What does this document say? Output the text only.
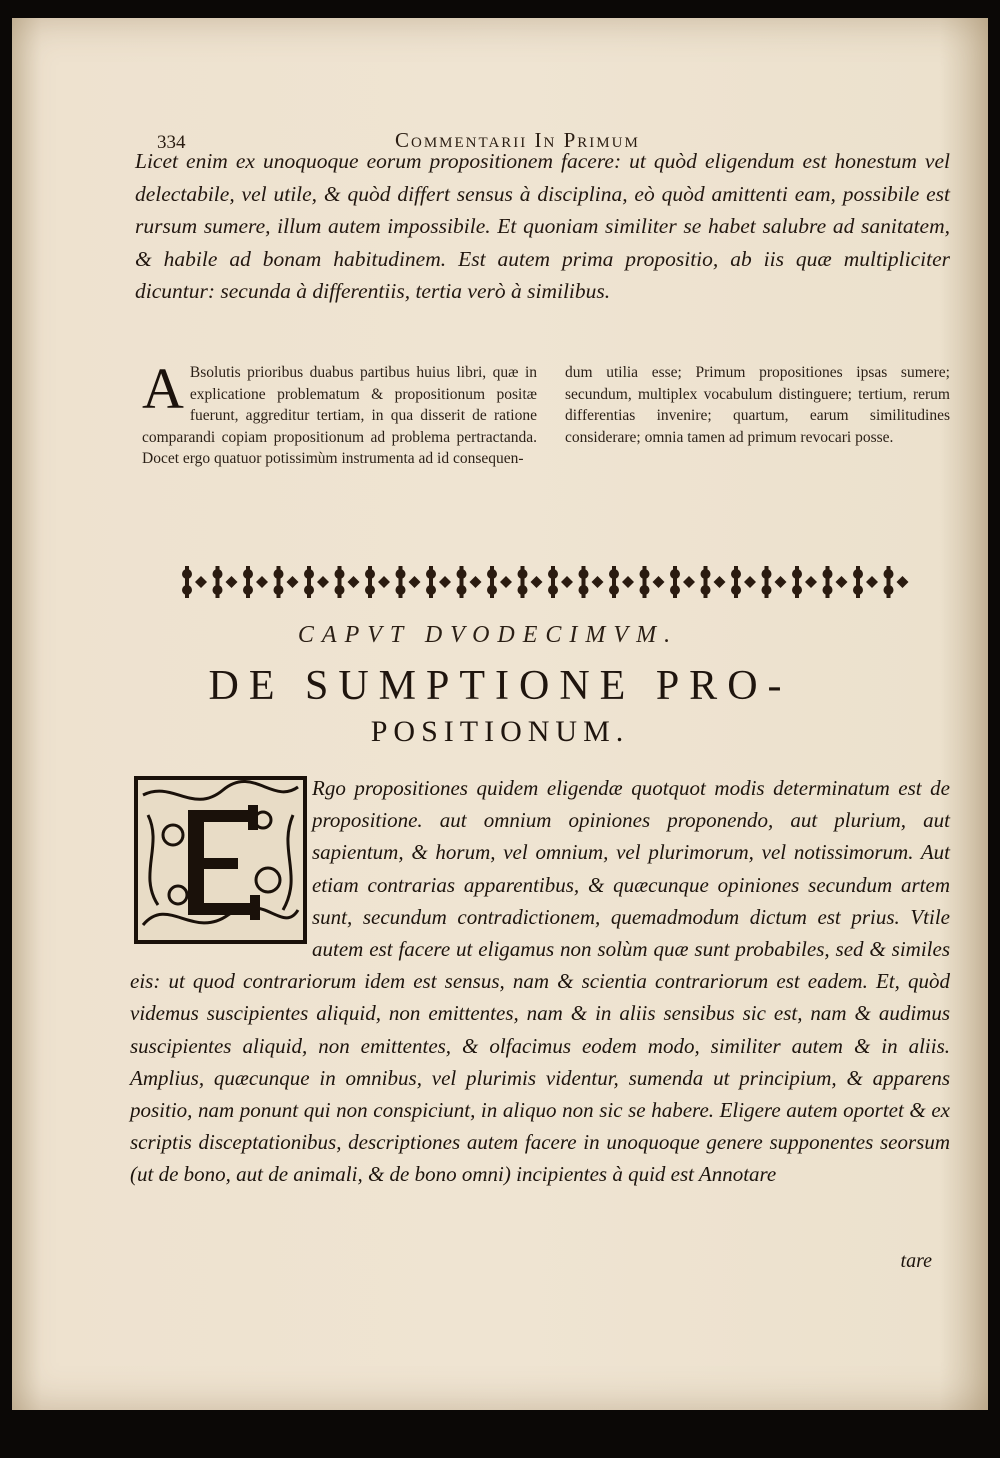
334	Commentarii In Primum
Licet enim ex unoquoque eorum propositionem facere: ut quòd eligendum est honestum vel delectabile, vel utile, & quòd differt sensus à disciplina, eò quòd amittenti eam, possibile est rursum sumere, illum autem impossibile. Et quoniam similiter se habet salubre ad sanitatem, & habile ad bonam habitudinem. Est autem prima propositio, ab iis quæ multipliciter dicuntur: secunda à differentiis, tertia verò à similibus.
A Bsolutis prioribus duabus partibus huius libri, quæ in explicatione problematum & propositionum positæ fuerunt, aggreditur tertiam, in qua disserit de ratione comparandi copiam propositionum ad problema pertractanda. Docet ergo quatuor potissimùm instrumenta ad id consequen-
dum utilia esse; Primum propositiones ipsas sumere; secundum, multiplex vocabulum distinguere; tertium, rerum differentias invenire; quartum, earum similitudines considerare; omnia tamen ad primum revocari posse.
CAPVT DVODECIMVM.
DE SUMPTIONE PRO-
POSITIONUM.
Rgo propositiones quidem eligendæ quotquot modis determinatum est de propositione. aut omnium opiniones proponendo, aut plurium, aut sapientum, & horum, vel omnium, vel plurimorum, vel notissimorum. Aut etiam contrarias apparentibus, & quæcunque opiniones secundum artem sunt, secundum contradictionem, quemadmodum dictum est prius. Vtile autem est facere ut eligamus non solùm quæ sunt probabiles, sed & similes eis: ut quod contrariorum idem est sensus, nam & scientia contrariorum est eadem. Et, quòd videmus suscipientes aliquid, non emittentes, nam & in aliis sensibus sic est, nam & audimus suscipientes aliquid, non emittentes, & olfacimus eodem modo, similiter autem & in aliis. Amplius, quæcunque in omnibus, vel plurimis videntur, sumenda ut principium, & apparens positio, nam ponunt qui non conspiciunt, in aliquo non sic se habere. Eligere autem oportet & ex scriptis disceptationibus, descriptiones autem facere in unoquoque genere supponentes seorsum (ut de bono, aut de animali, & de bono omni) incipientes à quid est Annotare
tare
